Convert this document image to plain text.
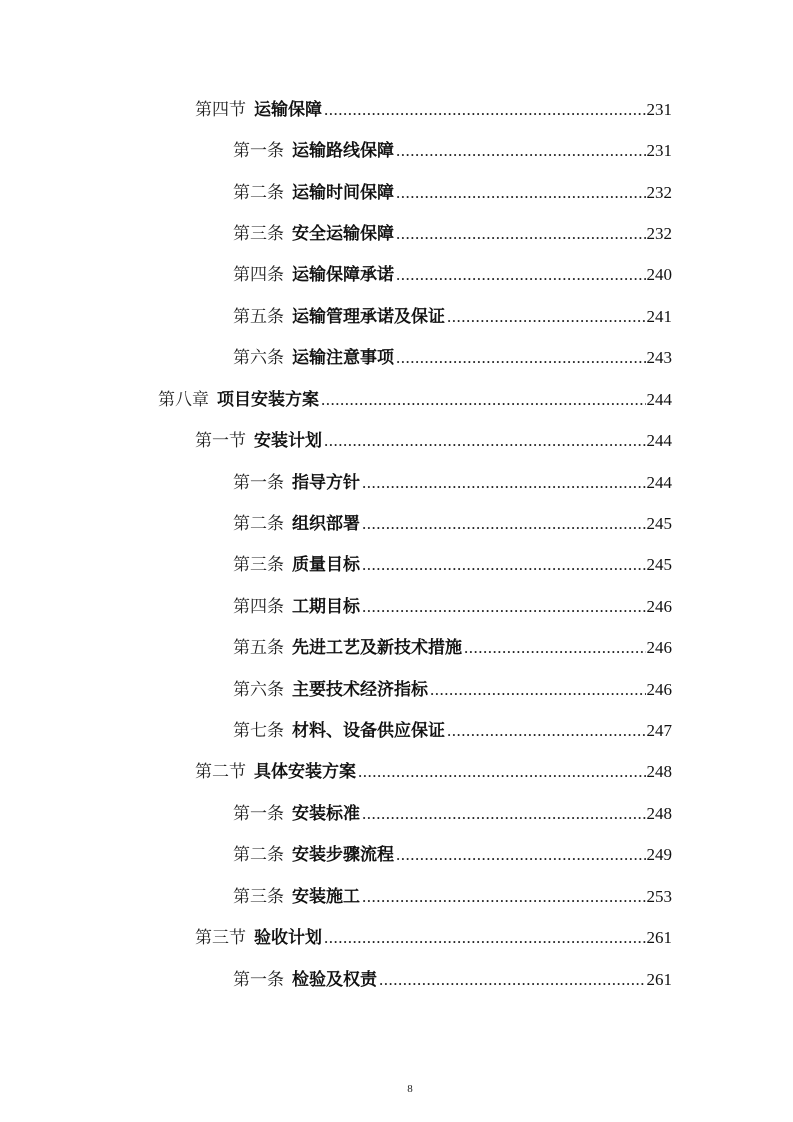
第四节 运输保障 .....	231
第一条 运输路线保障 .....	231
第二条 运输时间保障 .....	232
第三条 安全运输保障 .....	232
第四条 运输保障承诺 .....	240
第五条 运输管理承诺及保证 .....	241
第六条 运输注意事项 .....	243
第八章 项目安装方案 .....	244
第一节 安装计划 .....	244
第一条 指导方针 .....	244
第二条 组织部署 .....	245
第三条 质量目标 .....	245
第四条 工期目标 .....	246
第五条 先进工艺及新技术措施 .....	246
第六条 主要技术经济指标 .....	246
第七条 材料、设备供应保证 .....	247
第二节 具体安装方案 .....	248
第一条 安装标准 .....	248
第二条 安装步骤流程 .....	249
第三条 安装施工 .....	253
第三节 验收计划 .....	261
第一条 检验及权责 .....	261
8
